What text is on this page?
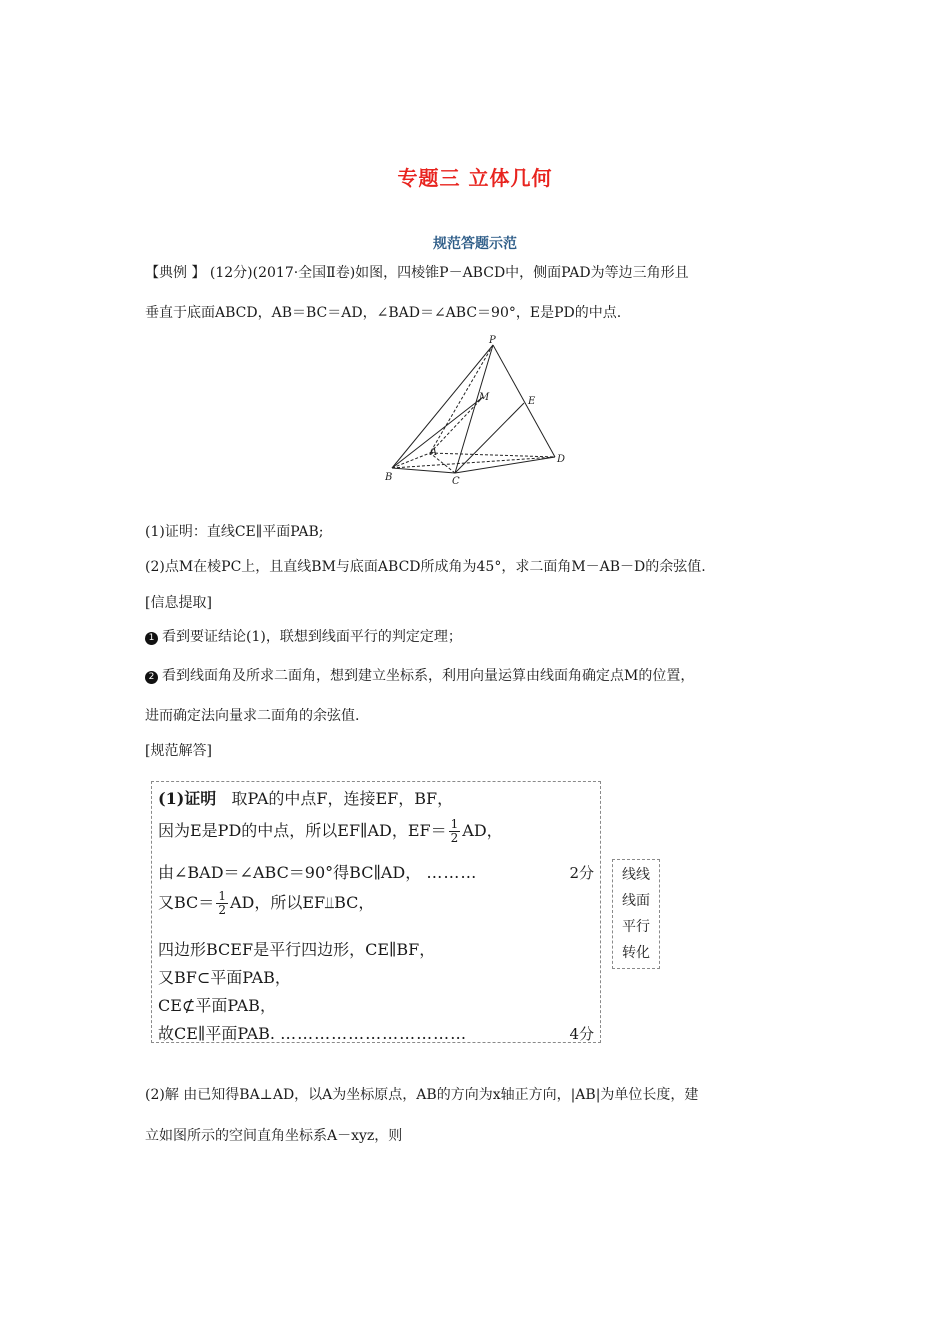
专题三 立体几何
规范答题示范
【典例 】 (12分)(2017·全国Ⅱ卷)如图，四棱锥P－ABCD中，侧面PAD为等边三角形且
垂直于底面ABCD，AB＝BC＝AD，∠BAD＝∠ABC＝90°，E是PD的中点.
P
M	E
A
B	C
D
(1)证明：直线CE∥平面PAB;
(2)点M在棱PC上，且直线BM与底面ABCD所成角为45°，求二面角M－AB－D的余弦值.
[信息提取]
1 看到要证结论(1)，联想到线面平行的判定定理；
2 看到线面角及所求二面角，想到建立坐标系，利用向量运算由线面角确定点M的位置，
进而确定法向量求二面角的余弦值.
[规范解答]
(1)证明 取PA的中点F，连接EF，BF，
因为E是PD的中点，所以EF∥AD，$EF= \frac{1}{2}$ AD，
由∠BAD＝∠ABC＝90°得BC∥AD， ………	2分
又$BC= \frac{1}{2}$ AD，所以EF⫫BC，
四边形BCEF是平行四边形，CE∥BF，
又BF⊂平面PAB，
CE⊄平面PAB，
故CE∥平面PAB. ……………………………	4分
线线
线面
平行
转化
(2)解 由已知得BA⊥AD，以A为坐标原点，AB的方向为x轴正方向，|AB|为单位长度，建
立如图所示的空间直角坐标系A－xyz，则
